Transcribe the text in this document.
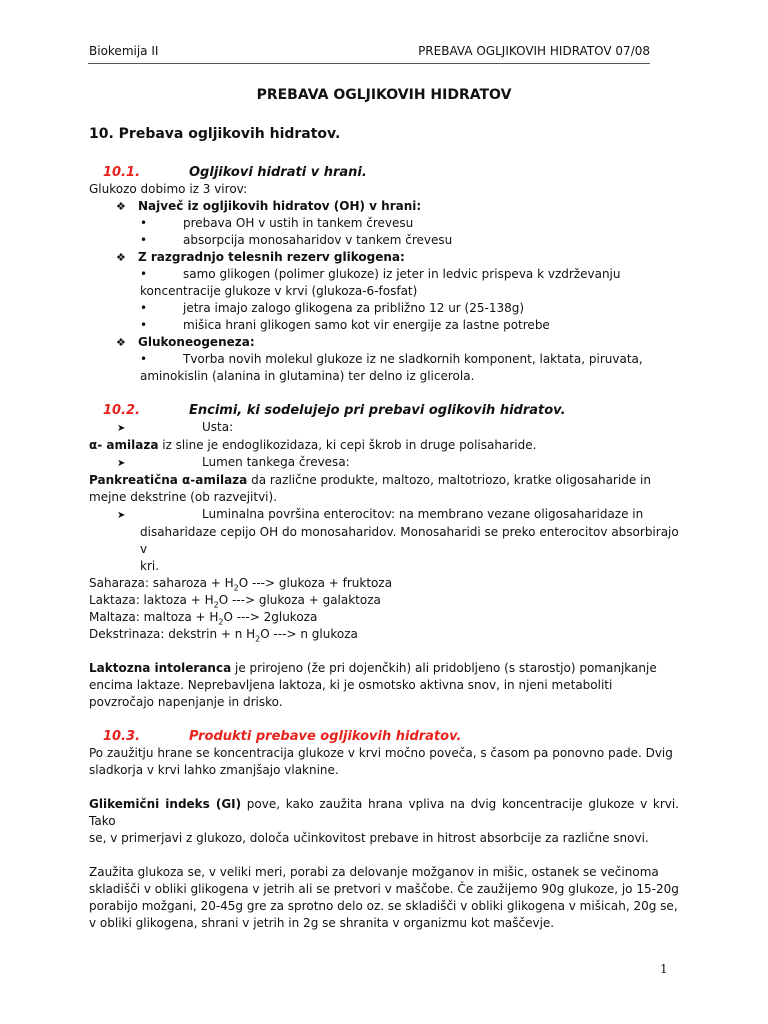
Biokemija II	PREBAVA OGLJIKOVIH HIDRATOV 07/08
PREBAVA OGLJIKOVIH HIDRATOV
10. Prebava ogljikovih hidratov.

10.1.	Ogljikovi hidrati v hrani.

Glukozo dobimo iz 3 virov:

❖ Največ iz ogljikovih hidratov (OH) v hrani:

•	prebava OH v ustih in tankem črevesu

•	absorpcija monosaharidov v tankem črevesu

❖ Z razgradnjo telesnih rezerv glikogena:

•	samo glikogen (polimer glukoze) iz jeter in ledvic prispeva k vzdrževanju

koncentracije glukoze v krvi (glukoza-6-fosfat)

•	jetra imajo zalogo glikogena za približno 12 ur (25-138g)

•	mišica hrani glikogen samo kot vir energije za lastne potrebe

❖ Glukoneogeneza:

•	Tvorba novih molekul glukoze iz ne sladkornih komponent, laktata, piruvata,

aminokislin (alanina in glutamina) ter delno iz glicerola.

10.2.	Encimi, ki sodelujejo pri prebavi oglikovih hidratov.

➤	Usta:

α- amilaza iz sline je endoglikozidaza, ki cepi škrob in druge polisaharide.

➤	Lumen tankega črevesa:

Pankreatična α-amilaza da različne produkte, maltozo, maltotriozo, kratke oligosaharide in

mejne dekstrine (ob razvejitvi).

➤	Luminalna površina enterocitov: na membrano vezane oligosaharidaze in

disaharidaze cepijo OH do monosaharidov. Monosaharidi se preko enterocitov absorbirajo v

kri.

Saharaza: saharoza + $H_2O$ ---> glukoza + fruktoza

Laktaza: laktoza + $H_2O$ ---> glukoza + galaktoza

Maltaza: maltoza + $H_2O$ ---> 2glukoza

Dekstrinaza: dekstrin + n $H_2O$ ---> n glukoza

Laktozna intoleranca je prirojeno (že pri dojenčkih) ali pridobljeno (s starostjo) pomanjkanje

encima laktaze. Neprebavljena laktoza, ki je osmotsko aktivna snov, in njeni metaboliti

povzročajo napenjanje in drisko.

10.3.	Produkti prebave ogljikovih hidratov.

Po zaužitju hrane se koncentracija glukoze v krvi močno poveča, s časom pa ponovno pade. Dvig

sladkorja v krvi lahko zmanjšajo vlaknine.

Glikemični indeks (GI) pove, kako zaužita hrana vpliva na dvig koncentracije glukoze v krvi. Tako

se, v primerjavi z glukozo, določa učinkovitost prebave in hitrost absorbcije za različne snovi.

Zaužita glukoza se, v veliki meri, porabi za delovanje možganov in mišic, ostanek se večinoma

skladišči v obliki glikogena v jetrih ali se pretvori v maščobe. Če zaužijemo 90g glukoze, jo 15-20g

porabijo možgani, 20-45g gre za sprotno delo oz. se skladišči v obliki glikogena v mišicah, 20g se,

v obliki glikogena, shrani v jetrih in 2g se shranita v organizmu kot maščevje.

1
